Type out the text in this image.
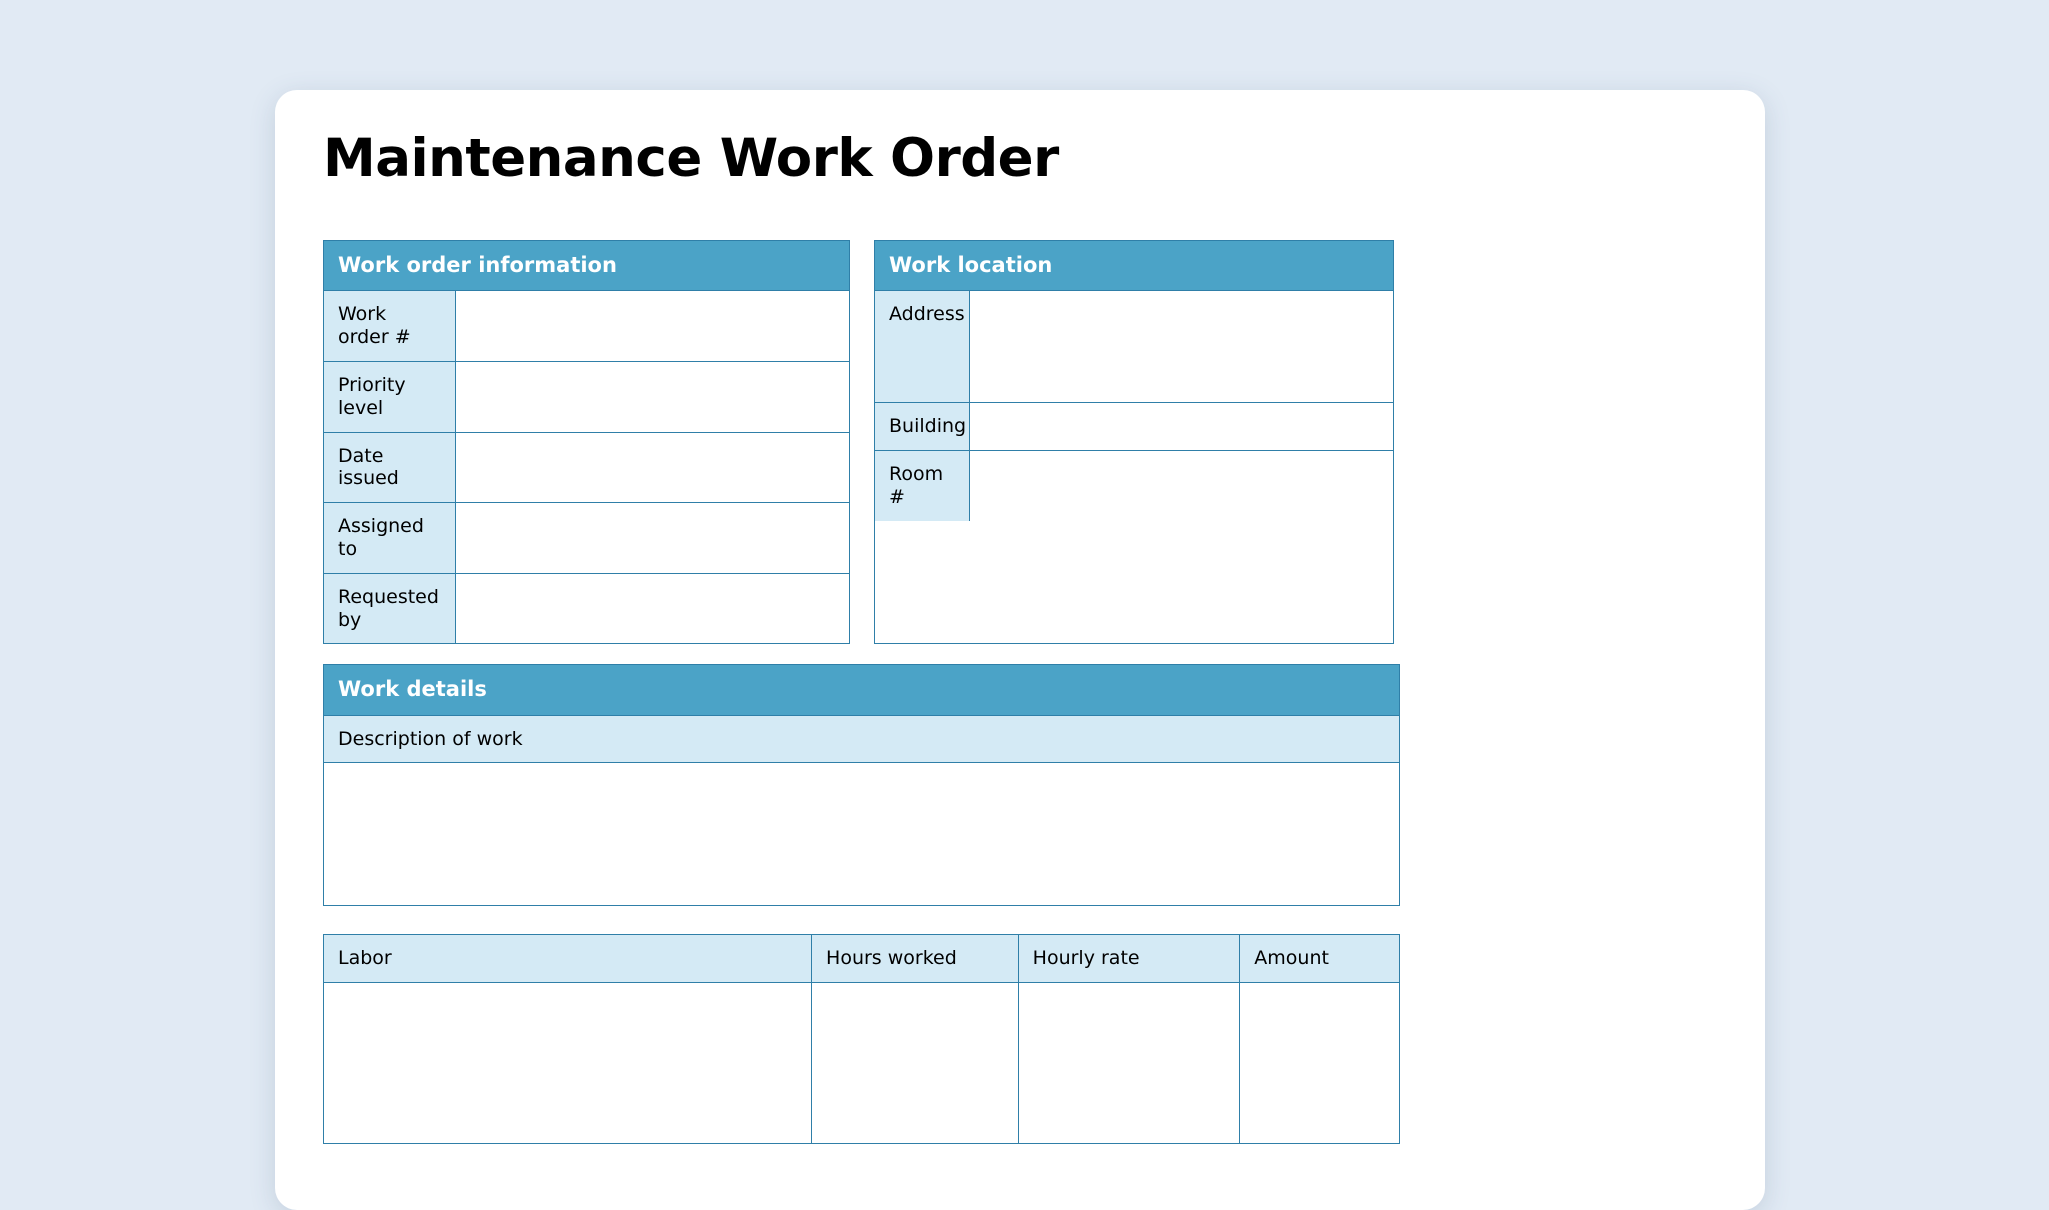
Maintenance Work Order
Work order information
Work order #
Priority level
Date issued
Assigned to
Requested by
Work location
Address
Building
Room #
Work details
Description of work
Labor	Hours worked	Hourly rate	Amount
